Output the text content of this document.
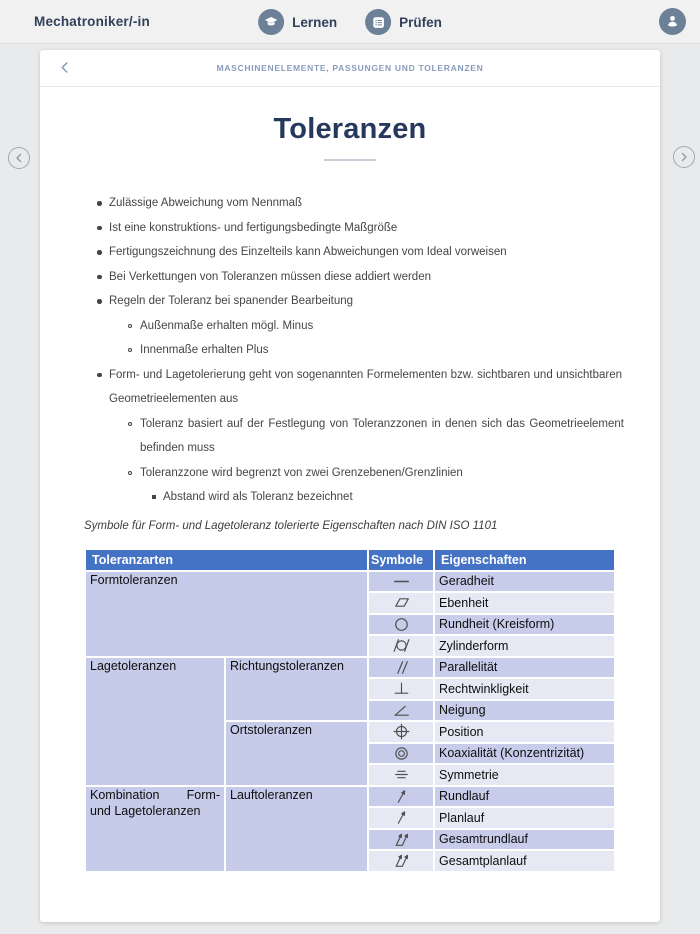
Mechatroniker/-in	Lernen	Prüfen
MASCHINENELEMENTE, PASSUNGEN UND TOLERANZEN
Toleranzen
Zulässige Abweichung vom Nennmaß
Ist eine konstruktions- und fertigungsbedingte Maßgröße
Fertigungszeichnung des Einzelteils kann Abweichungen vom Ideal vorweisen
Bei Verkettungen von Toleranzen müssen diese addiert werden
Regeln der Toleranz bei spanender Bearbeitung
Außenmaße erhalten mögl. Minus
Innenmaße erhalten Plus
Form- und Lagetolerierung geht von sogenannten Formelementen bzw. sichtbaren und unsichtbaren Geometrieelementen aus
Toleranz basiert auf der Festlegung von Toleranzzonen in denen sich das Geometrieelement befinden muss
Toleranzzone wird begrenzt von zwei Grenzebenen/Grenzlinien
Abstand wird als Toleranz bezeichnet
Symbole für Form- und Lagetoleranz tolerierte Eigenschaften nach DIN ISO 1101
Toleranzarten		Symbole	Eigenschaften
Formtoleranzen			Geradheit
	Ebenheit
	Rundheit (Kreisform)
	Zylinderform
Lagetoleranzen	Richtungstoleranzen		Parallelität
	Rechtwinkligkeit
	Neigung
	Ortstoleranzen		Position
	Koaxialität (Konzentrizität)
	Symmetrie
Kombination Form- und Lagetoleranzen	Lauftoleranzen		Rundlauf
	Planlauf
	Gesamtrundlauf
	Gesamtplanlauf
